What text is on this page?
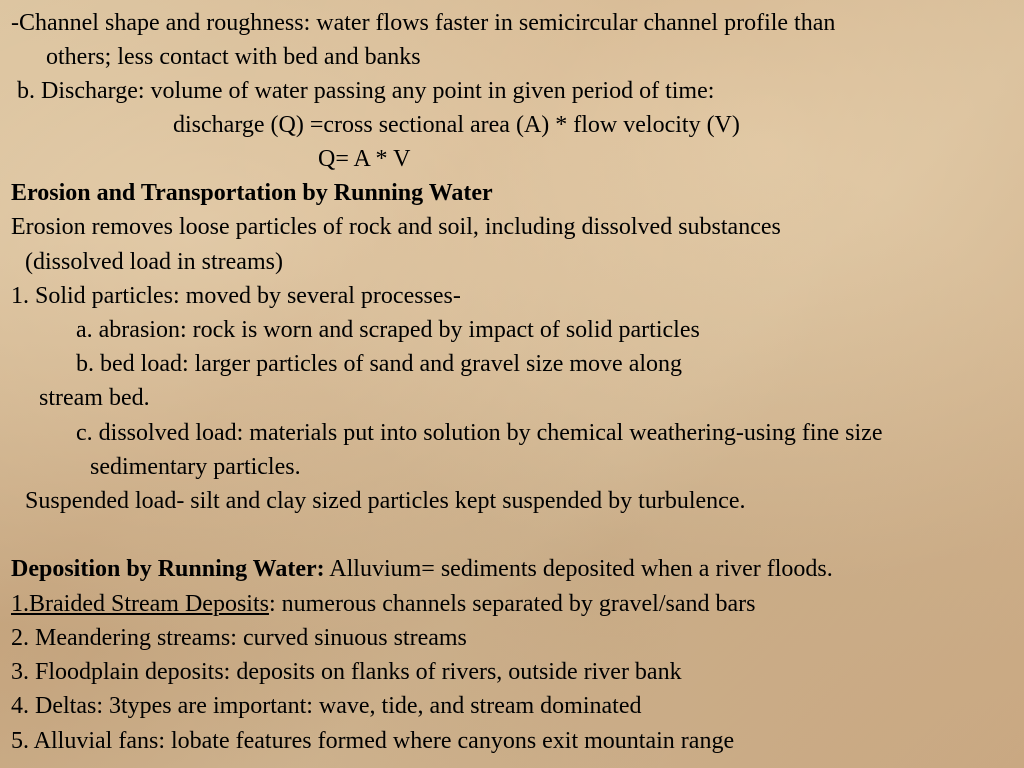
-Channel shape and roughness: water flows faster in semicircular channel profile than
others; less contact with bed and banks
b. Discharge: volume of water passing any point in given period of time:
discharge (Q) =cross sectional area (A) * flow velocity (V)
Q= A * V
Erosion and Transportation by Running Water
Erosion removes loose particles of rock and soil, including dissolved substances
(dissolved load in streams)
1. Solid particles: moved by several processes-
a. abrasion: rock is worn and scraped by impact of solid particles
b. bed load: larger particles of sand and gravel size move along
stream bed.
c. dissolved load: materials put into solution by chemical weathering-using fine size
sedimentary particles.
Suspended load- silt and clay sized particles kept suspended by turbulence.
Deposition by Running Water: Alluvium= sediments deposited when a river floods.
1.Braided Stream Deposits: numerous channels separated by gravel/sand bars
2. Meandering streams: curved sinuous streams
3. Floodplain deposits: deposits on flanks of rivers, outside river bank
4. Deltas: 3types are important: wave, tide, and stream dominated
5. Alluvial fans: lobate features formed where canyons exit mountain range
